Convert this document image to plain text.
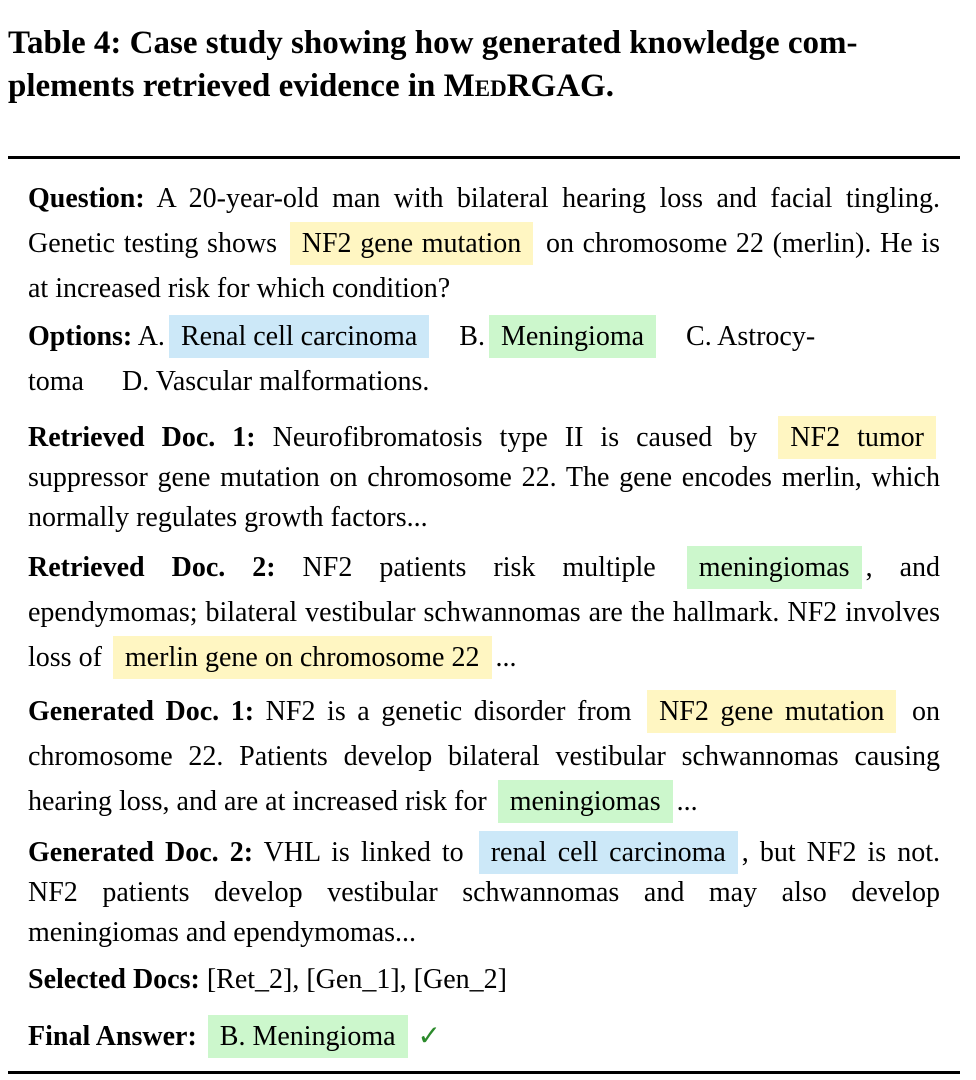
Table 4: Case study showing how generated knowledge com-
plements retrieved evidence in MedRGAG.

Question: A 20-year-old man with bilateral hearing loss and facial tingling. Genetic testing shows NF2 gene mutation on chromosome 22 (merlin). He is at increased risk for which condition?

Options: A. Renal cell carcinoma B. Meningioma C. Astrocy-
toma D. Vascular malformations.

Retrieved Doc. 1: Neurofibromatosis type II is caused by NF2 tumor suppressor gene mutation on chromosome 22. The gene encodes merlin, which normally regulates growth factors...

Retrieved Doc. 2: NF2 patients risk multiple meningiomas , and ependymomas; bilateral vestibular schwannomas are the hallmark. NF2 involves loss of merlin gene on chromosome 22 ...

Generated Doc. 1: NF2 is a genetic disorder from NF2 gene mutation on chromosome 22. Patients develop bilateral vestibular schwannomas causing hearing loss, and are at increased risk for meningiomas ...

Generated Doc. 2: VHL is linked to renal cell carcinoma , but NF2 is not. NF2 patients develop vestibular schwannomas and may also develop meningiomas and ependymomas...

Selected Docs: [Ret_2], [Gen_1], [Gen_2]

Final Answer: B. Meningioma ✓
